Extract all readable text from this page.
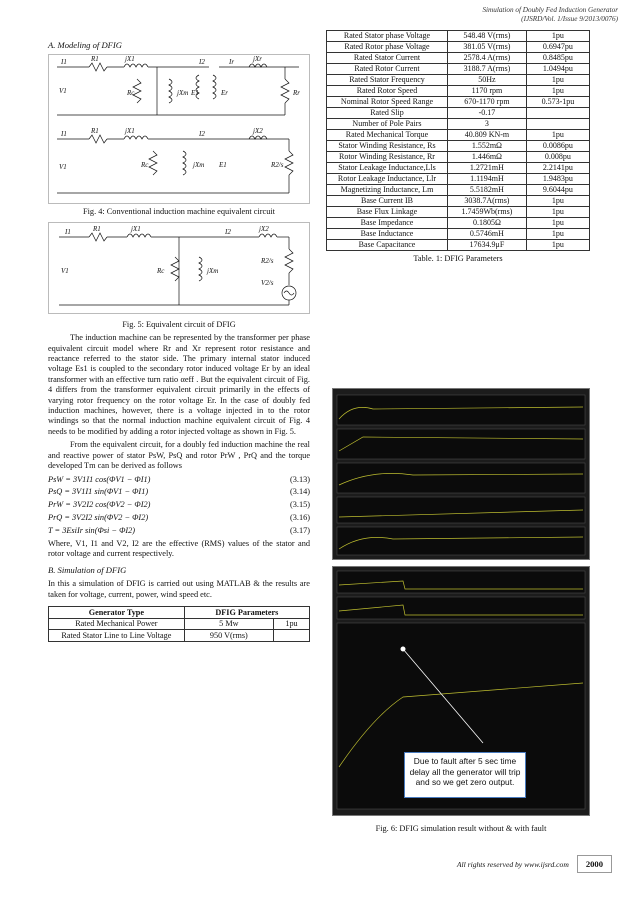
Simulation of Doubly Fed Induction Generator
(IJSRD/Vol. 1/Issue 9/2013/0076)
A. Modeling of DFIG
I1	R1	jX1	I2	Ir	jXr
V1	Rc	jXm E1	Er	Rr
I1	R1	jX1	I2	jX2
V1	Rc	jXm E1	R2/s
Fig. 4: Conventional induction machine equivalent circuit
I1	R1	jX1	I2	jX2
V1	Rc	jXm
R2/s
V2/s
Fig. 5: Equivalent circuit of DFIG

The induction machine can be represented by the transformer per phase equivalent circuit model where Rr and Xr represent rotor resistance and reactance referred to the stator side. The primary internal stator induced voltage Es1 is coupled to the secondary rotor induced voltage Er by an ideal transformer with an effective turn ratio αeff . But the equivalent circuit of Fig. 4 differs from the transformer equivalent circuit primarily in the effects of varying rotor frequency on the rotor voltage Er. In the case of doubly fed induction machines, however, there is a voltage injected in to the rotor windings so that the normal induction machine equivalent circuit of Fig. 4 needs to be modified by adding a rotor injected voltage as shown in Fig. 5.

From the equivalent circuit, for a doubly fed induction machine the real and reactive power of stator PsW, PsQ and rotor PrW , PrQ and the torque developed Tm can be derived as follows

PsW = 3V1I1 cos(ΦV1 − ΦI1)	(3.13)
PsQ = 3V1I1 sin(ΦV1 − ΦI1)	(3.14)
PrW = 3V2I2 cos(ΦV2 − ΦI2)	(3.15)
PrQ = 3V2I2 sin(ΦV2 − ΦI2)	(3.16)
T = 3EsiIr sin(Φsi − ΦI2)	(3.17)

Where, V1, I1 and V2, I2 are the effective (RMS) values of the stator and rotor voltage and current respectively.

B. Simulation of DFIG

In this a simulation of DFIG is carried out using MATLAB & the results are taken for voltage, current, power, wind speed etc.

Generator Type	DFIG Parameters	
Rated Mechanical Power	5 Mw	1pu
Rated Stator Line to Line Voltage	950 V(rms)	
Rated Stator phase Voltage	548.48 V(rms)	1pu
Rated Rotor phase Voltage	381.05 V(rms)	0.6947pu
Rated Stator Current	2578.4 A(rms)	0.8485pu
Rated Rotor Current	3188.7 A(rms)	1.0494pu
Rated Stator Frequency	50Hz	1pu
Rated Rotor Speed	1170 rpm	1pu
Nominal Rotor Speed Range	670-1170 rpm	0.573-1pu
Rated Slip	-0.17	
Number of Pole Pairs	3	
Rated Mechanical Torque	40.809 KN-m	1pu
Stator Winding Resistance, Rs	1.552mΩ	0.0086pu
Rotor Winding Resistance, Rr	1.446mΩ	0.008pu
Stator Leakage Inductance,Lls	1.2721mH	2.2141pu
Rotor Leakage Inductance, Llr	1.1194mH	1.9483pu
Magnetizing Inductance, Lm	5.5182mH	9.6044pu
Base Current IB	3038.7A(rms)	1pu
Base Flux Linkage	1.7459Wb(rms)	1pu
Base Impedance	0.1805Ω	1pu
Base Inductance	0.5746mH	1pu
Base Capacitance	17634.9μF	1pu
Table. 1: DFIG Parameters
Due to fault after 5 sec time delay all the generator will trip and so we get zero output.
Fig. 6: DFIG simulation result without & with fault
All rights reserved by www.ijsrd.com	2000
